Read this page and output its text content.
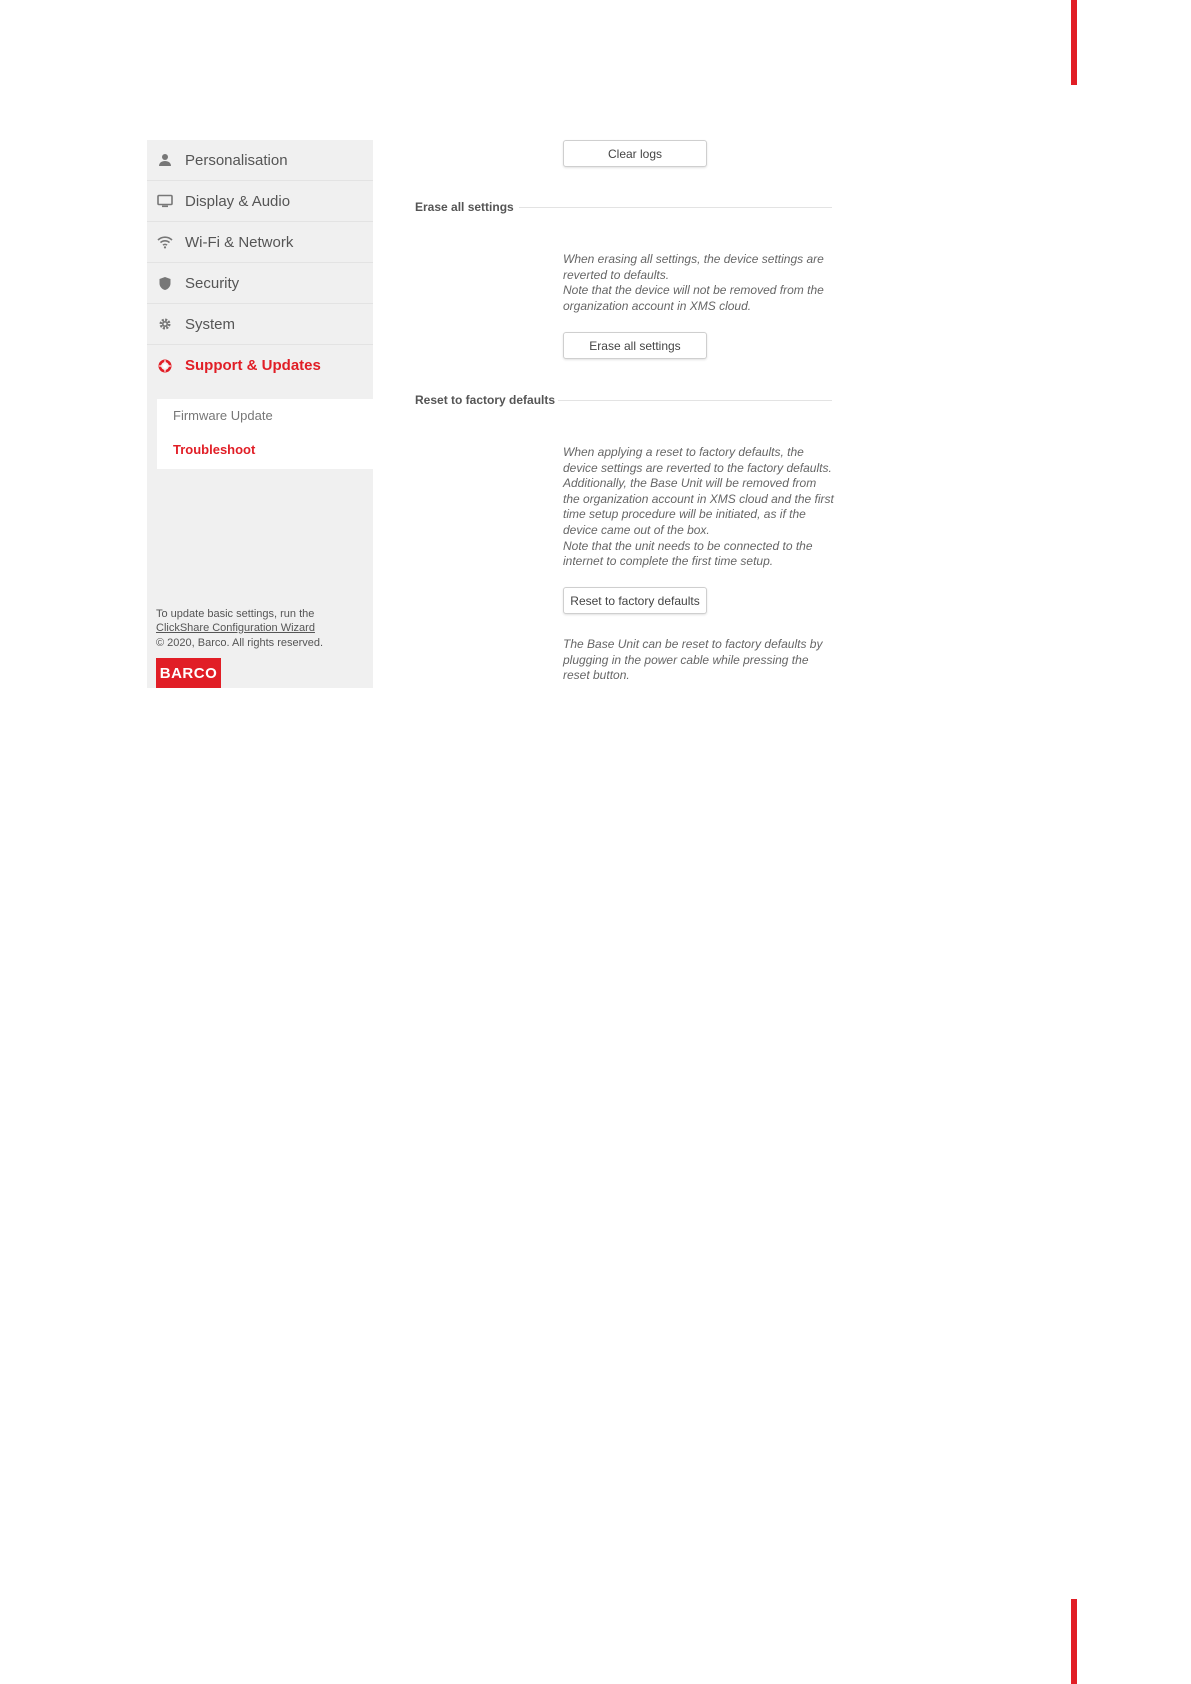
Personalisation
Display & Audio
Wi-Fi & Network
Security
System
Support & Updates
Firmware Update
Troubleshoot
To update basic settings, run the
ClickShare Configuration Wizard
© 2020, Barco. All rights reserved.
BARCO
Clear logs
Erase all settings

When erasing all settings, the device settings are reverted to defaults.

Note that the device will not be removed from the organization account in XMS cloud.

Erase all settings
Reset to factory defaults

When applying a reset to factory defaults, the device settings are reverted to the factory defaults. Additionally, the Base Unit will be removed from the organization account in XMS cloud and the first time setup procedure will be initiated, as if the device came out of the box.

Note that the unit needs to be connected to the internet to complete the first time setup.

Reset to factory defaults

The Base Unit can be reset to factory defaults by plugging in the power cable while pressing the reset button.
